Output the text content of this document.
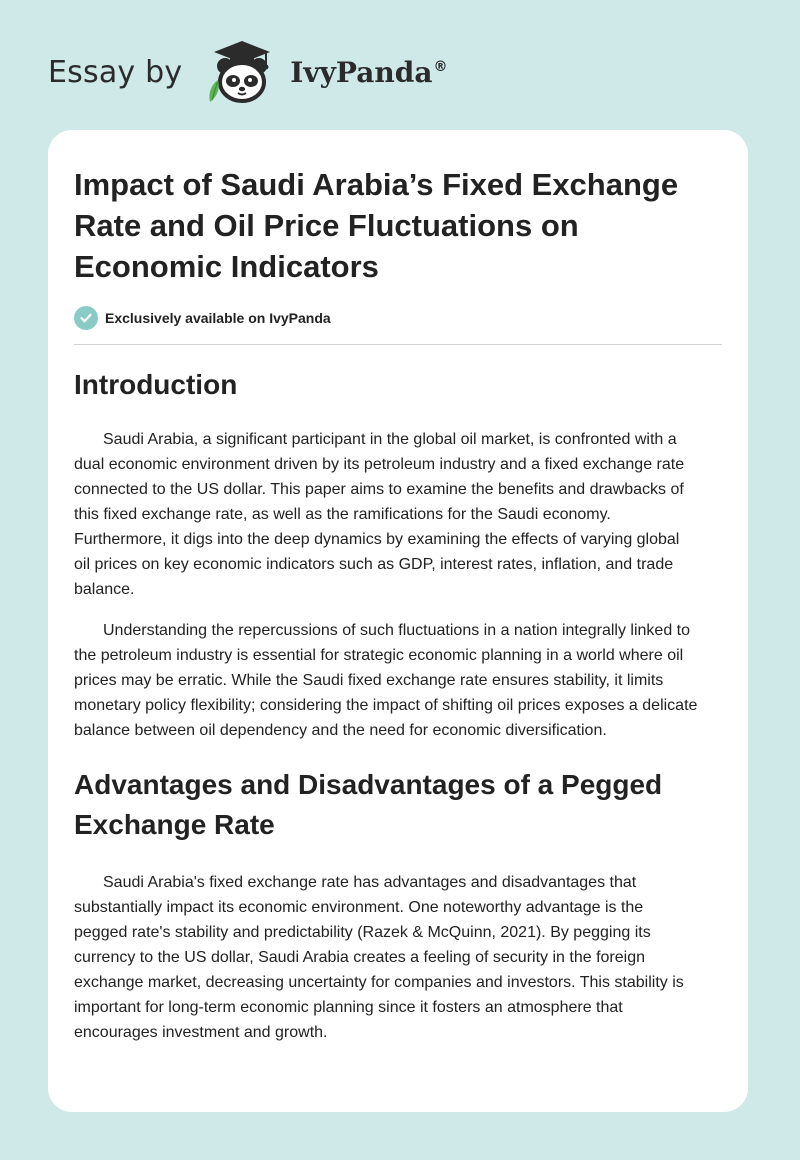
Essay by	IvyPanda®
Impact of Saudi Arabia’s Fixed Exchange Rate and Oil Price Fluctuations on Economic Indicators
Exclusively available on IvyPanda
Introduction

Saudi Arabia, a significant participant in the global oil market, is confronted with a
dual economic environment driven by its petroleum industry and a fixed exchange rate
connected to the US dollar. This paper aims to examine the benefits and drawbacks of
this fixed exchange rate, as well as the ramifications for the Saudi economy.
Furthermore, it digs into the deep dynamics by examining the effects of varying global
oil prices on key economic indicators such as GDP, interest rates, inflation, and trade
balance.

Understanding the repercussions of such fluctuations in a nation integrally linked to
the petroleum industry is essential for strategic economic planning in a world where oil
prices may be erratic. While the Saudi fixed exchange rate ensures stability, it limits
monetary policy flexibility; considering the impact of shifting oil prices exposes a delicate
balance between oil dependency and the need for economic diversification.

Advantages and Disadvantages of a Pegged Exchange Rate

Saudi Arabia's fixed exchange rate has advantages and disadvantages that
substantially impact its economic environment. One noteworthy advantage is the
pegged rate's stability and predictability (Razek & McQuinn, 2021). By pegging its
currency to the US dollar, Saudi Arabia creates a feeling of security in the foreign
exchange market, decreasing uncertainty for companies and investors. This stability is
important for long-term economic planning since it fosters an atmosphere that
encourages investment and growth.
